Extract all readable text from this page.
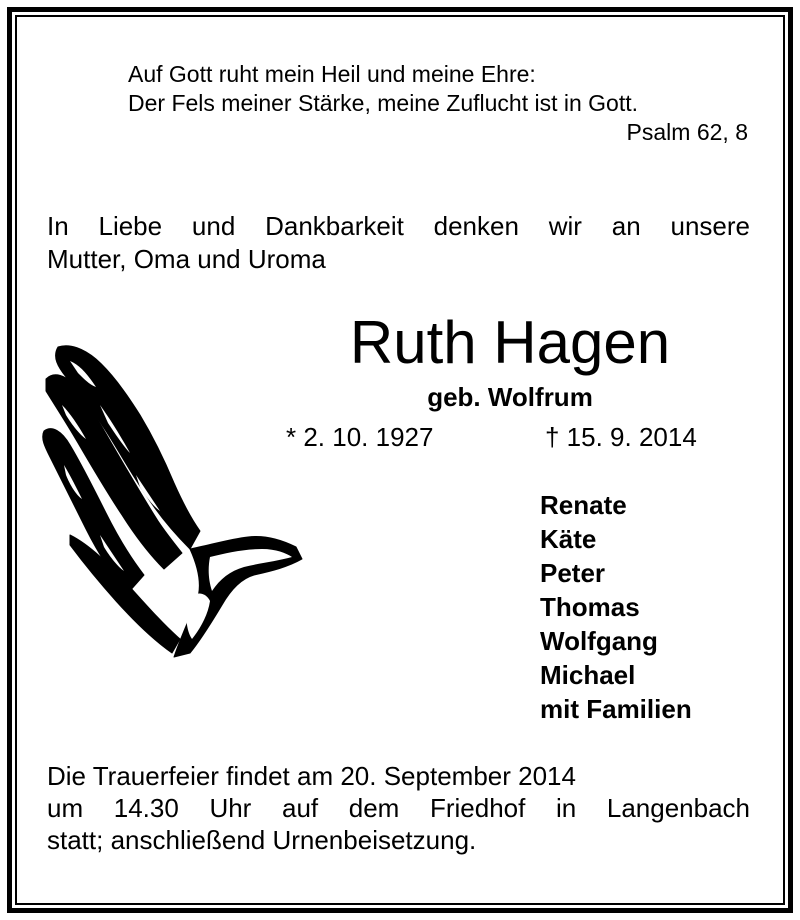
Auf Gott ruht mein Heil und meine Ehre:
Der Fels meiner Stärke, meine Zuflucht ist in Gott.
Psalm 62, 8
In Liebe und Dankbarkeit denken wir an unsere
Mutter, Oma und Uroma
Ruth Hagen
geb. Wolfrum
* 2. 10. 1927	† 15. 9. 2014
Renate
Käte
Peter
Thomas
Wolfgang
Michael
mit Familien
Die Trauerfeier findet am 20. September 2014
um 14.30 Uhr auf dem Friedhof in Langenbach
statt; anschließend Urnenbeisetzung.
